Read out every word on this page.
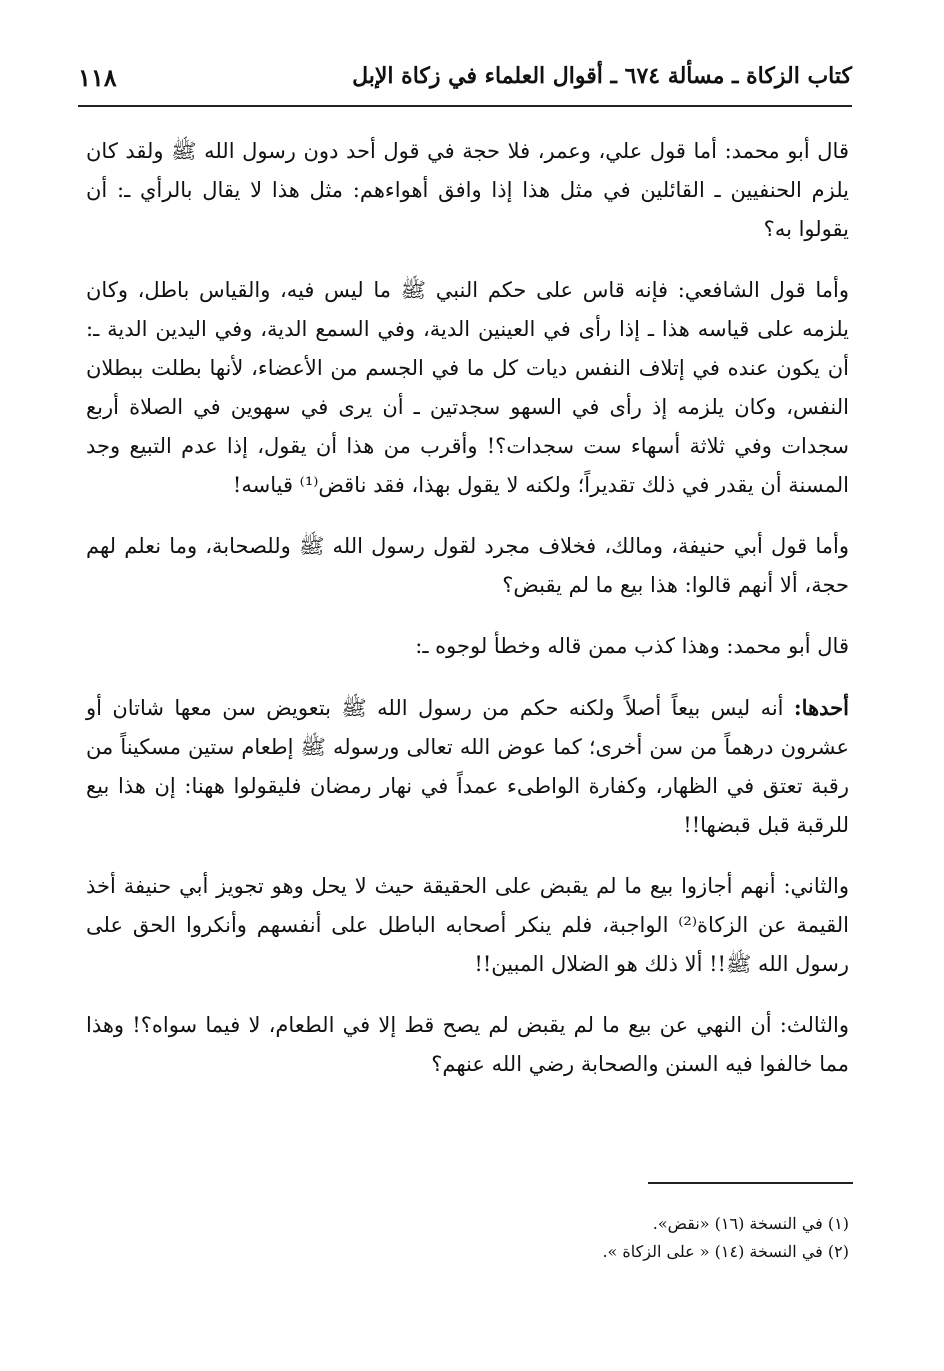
كتاب الزكاة ـ مسألة ٦٧٤ ـ أقوال العلماء في زكاة الإبل
١١٨

قال أبو محمد: أما قول علي، وعمر، فلا حجة في قول أحد دون رسول الله ﷺ ولقد كان يلزم الحنفيين ـ القائلين في مثل هذا إذا وافق أهواءهم: مثل هذا لا يقال بالرأي ـ: أن يقولوا به؟

وأما قول الشافعي: فإنه قاس على حكم النبي ﷺ ما ليس فيه، والقياس باطل، وكان يلزمه على قياسه هذا ـ إذا رأى في العينين الدية، وفي السمع الدية، وفي اليدين الدية ـ: أن يكون عنده في إتلاف النفس ديات كل ما في الجسم من الأعضاء، لأنها بطلت ببطلان النفس، وكان يلزمه إذ رأى في السهو سجدتين ـ أن يرى في سهوين في الصلاة أربع سجدات وفي ثلاثة أسهاء ست سجدات؟! وأقرب من هذا أن يقول، إذا عدم التبيع وجد المسنة أن يقدر في ذلك تقديراً؛ ولكنه لا يقول بهذا، فقد ناقض⁽¹⁾ قياسه!

وأما قول أبي حنيفة، ومالك، فخلاف مجرد لقول رسول الله ﷺ وللصحابة، وما نعلم لهم حجة، ألا أنهم قالوا: هذا بيع ما لم يقبض؟

قال أبو محمد: وهذا كذب ممن قاله وخطأ لوجوه ـ:

أحدها: أنه ليس بيعاً أصلاً ولكنه حكم من رسول الله ﷺ بتعويض سن معها شاتان أو عشرون درهماً من سن أخرى؛ كما عوض الله تعالى ورسوله ﷺ إطعام ستين مسكيناً من رقبة تعتق في الظهار، وكفارة الواطىء عمداً في نهار رمضان فليقولوا ههنا: إن هذا بيع للرقبة قبل قبضها!!

والثاني: أنهم أجازوا بيع ما لم يقبض على الحقيقة حيث لا يحل وهو تجويز أبي حنيفة أخذ القيمة عن الزكاة⁽²⁾ الواجبة، فلم ينكر أصحابه الباطل على أنفسهم وأنكروا الحق على رسول الله ﷺ!! ألا ذلك هو الضلال المبين!!

والثالث: أن النهي عن بيع ما لم يقبض لم يصح قط إلا في الطعام، لا فيما سواه؟! وهذا مما خالفوا فيه السنن والصحابة رضي الله عنهم؟

(١) في النسخة (١٦) «نقض».

(٢) في النسخة (١٤) « على الزكاة ».
